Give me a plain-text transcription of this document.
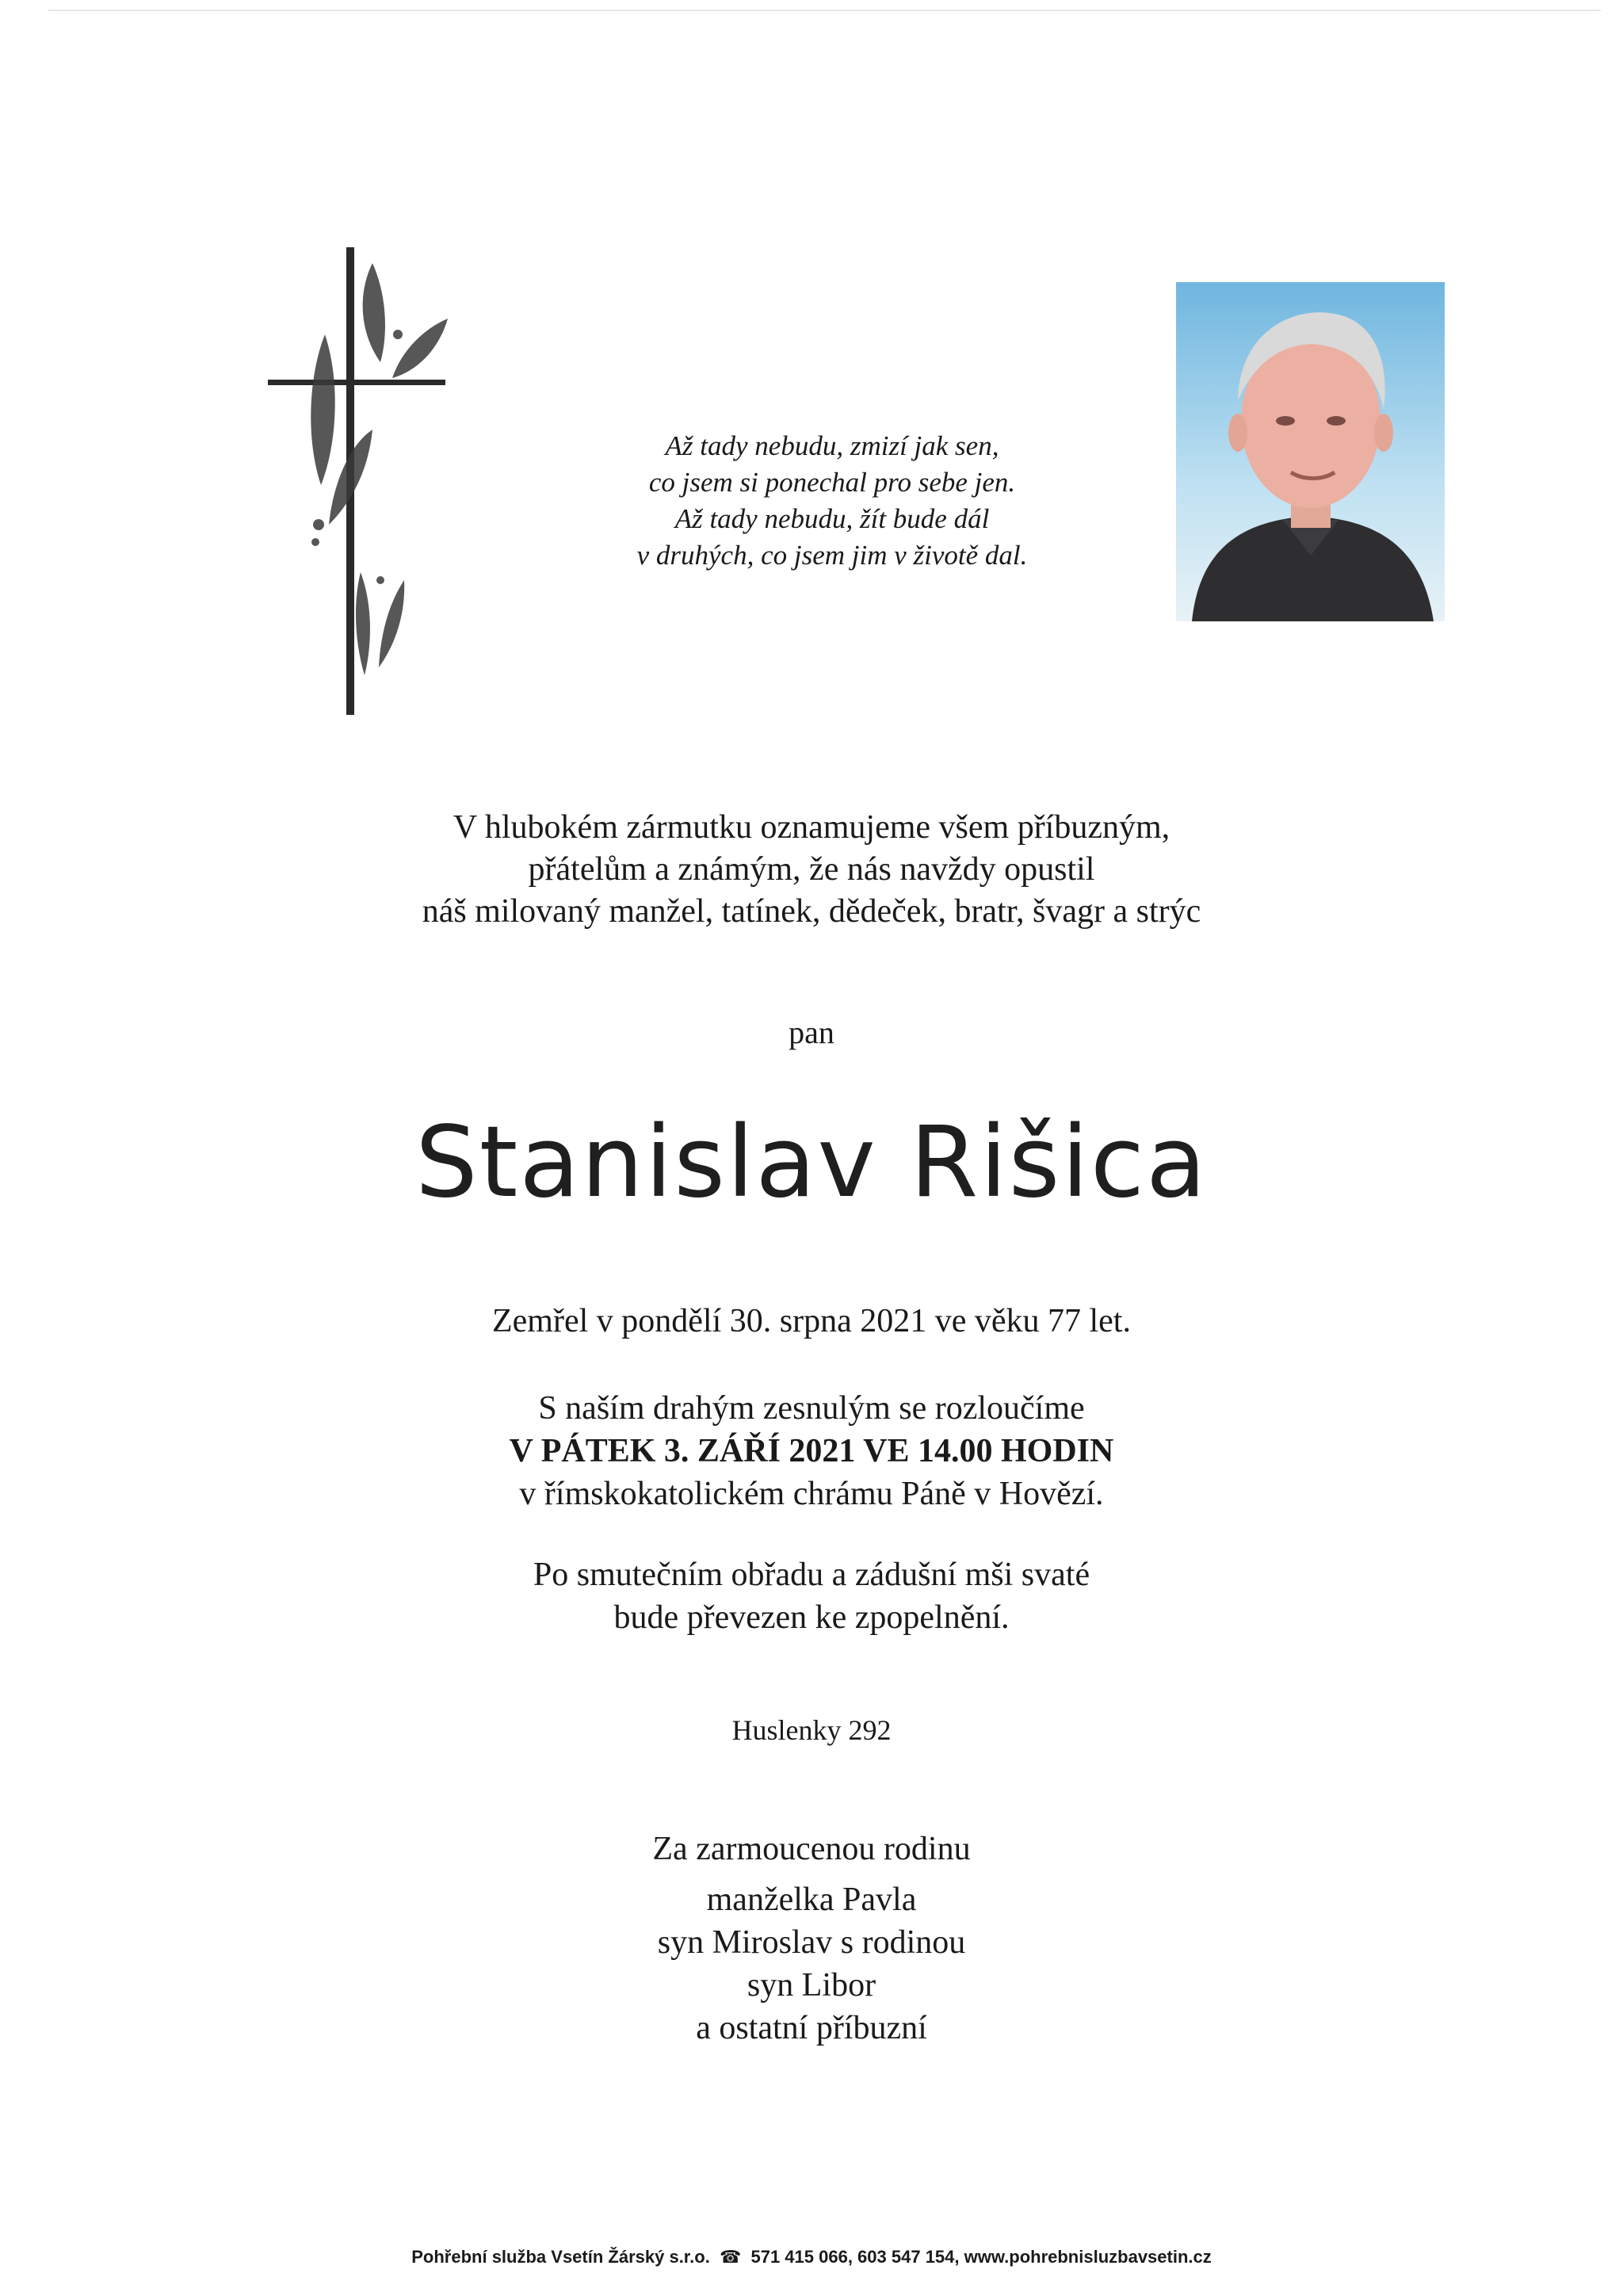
Až tady nebudu, zmizí jak sen,
co jsem si ponechal pro sebe jen.
Až tady nebudu, žít bude dál
v druhých, co jsem jim v životě dal.
V hlubokém zármutku oznamujeme všem příbuzným,
přátelům a známým, že nás navždy opustil
náš milovaný manžel, tatínek, dědeček, bratr, švagr a strýc
pan
Stanislav Rišica
Zemřel v pondělí 30. srpna 2021 ve věku 77 let.
S naším drahým zesnulým se rozloučíme
V PÁTEK 3. ZÁŘÍ 2021 VE 14.00 HODIN
v římskokatolickém chrámu Páně v Hovězí.
Po smutečním obřadu a zádušní mši svaté
bude převezen ke zpopelnění.
Huslenky 292
Za zarmoucenou rodinu
manželka Pavla
syn Miroslav s rodinou
syn Libor
a ostatní příbuzní
Pohřební služba Vsetín Žárský s.r.o. ☎ 571 415 066, 603 547 154, www.pohrebnisluzbavsetin.cz
